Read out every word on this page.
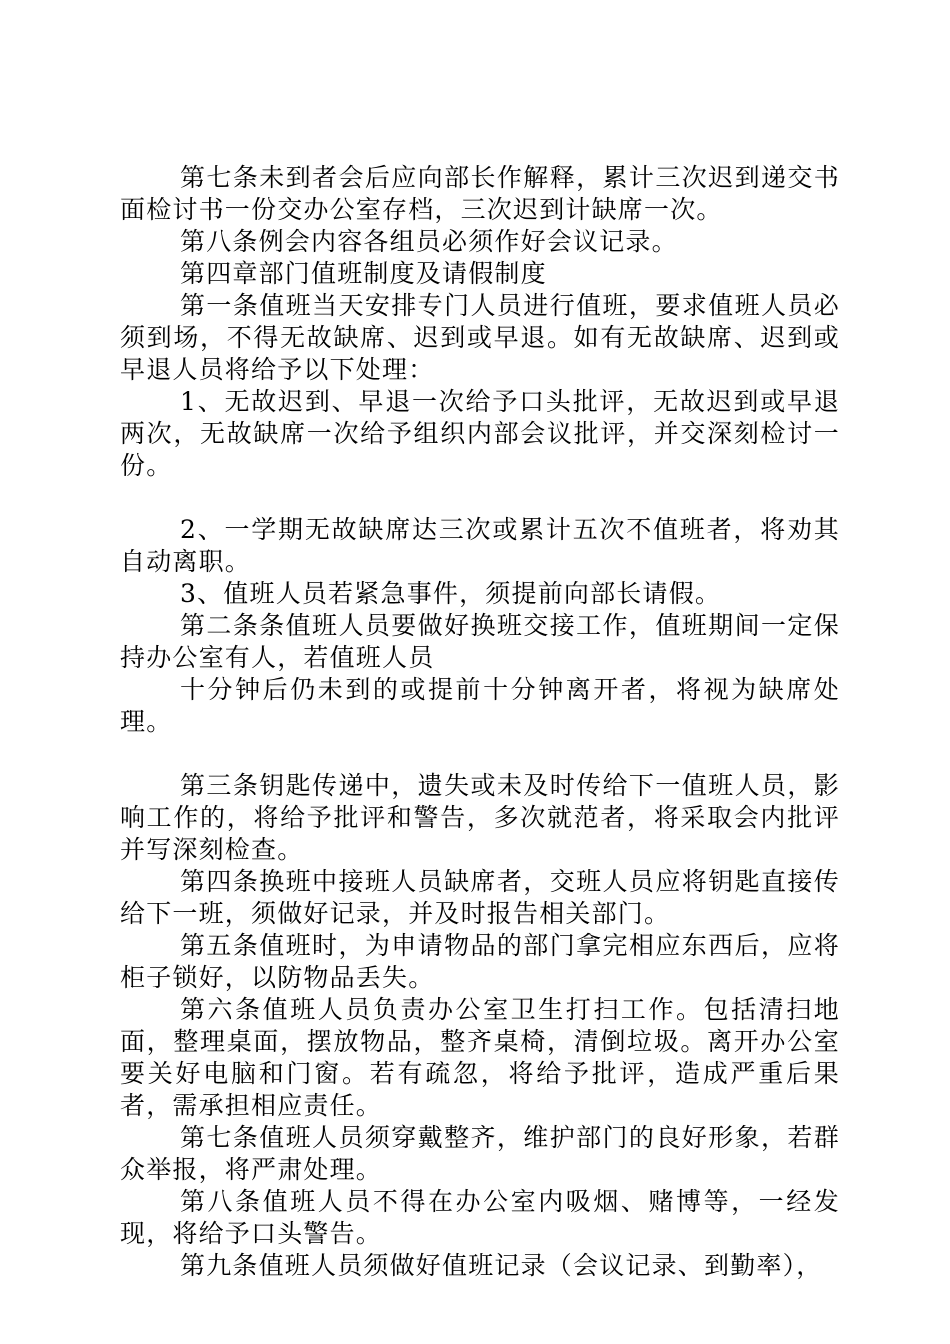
第七条未到者会后应向部长作解释，累计三次迟到递交书面检讨书一份交办公室存档，三次迟到计缺席一次。

第八条例会内容各组员必须作好会议记录。

第四章部门值班制度及请假制度

第一条值班当天安排专门人员进行值班，要求值班人员必须到场，不得无故缺席、迟到或早退。如有无故缺席、迟到或早退人员将给予以下处理：

1、无故迟到、早退一次给予口头批评，无故迟到或早退两次，无故缺席一次给予组织内部会议批评，并交深刻检讨一份。

2、一学期无故缺席达三次或累计五次不值班者，将劝其自动离职。

3、值班人员若紧急事件，须提前向部长请假。

第二条条值班人员要做好换班交接工作，值班期间一定保持办公室有人，若值班人员

十分钟后仍未到的或提前十分钟离开者，将视为缺席处理。

第三条钥匙传递中，遗失或未及时传给下一值班人员，影响工作的，将给予批评和警告，多次就范者，将采取会内批评并写深刻检查。

第四条换班中接班人员缺席者，交班人员应将钥匙直接传给下一班，须做好记录，并及时报告相关部门。

第五条值班时，为申请物品的部门拿完相应东西后，应将柜子锁好，以防物品丢失。

第六条值班人员负责办公室卫生打扫工作。包括清扫地面，整理桌面，摆放物品，整齐桌椅，清倒垃圾。离开办公室要关好电脑和门窗。若有疏忽，将给予批评，造成严重后果者，需承担相应责任。

第七条值班人员须穿戴整齐，维护部门的良好形象，若群众举报，将严肃处理。

第八条值班人员不得在办公室内吸烟、赌博等，一经发现，将给予口头警告。

第九条值班人员须做好值班记录（会议记录、到勤率），
